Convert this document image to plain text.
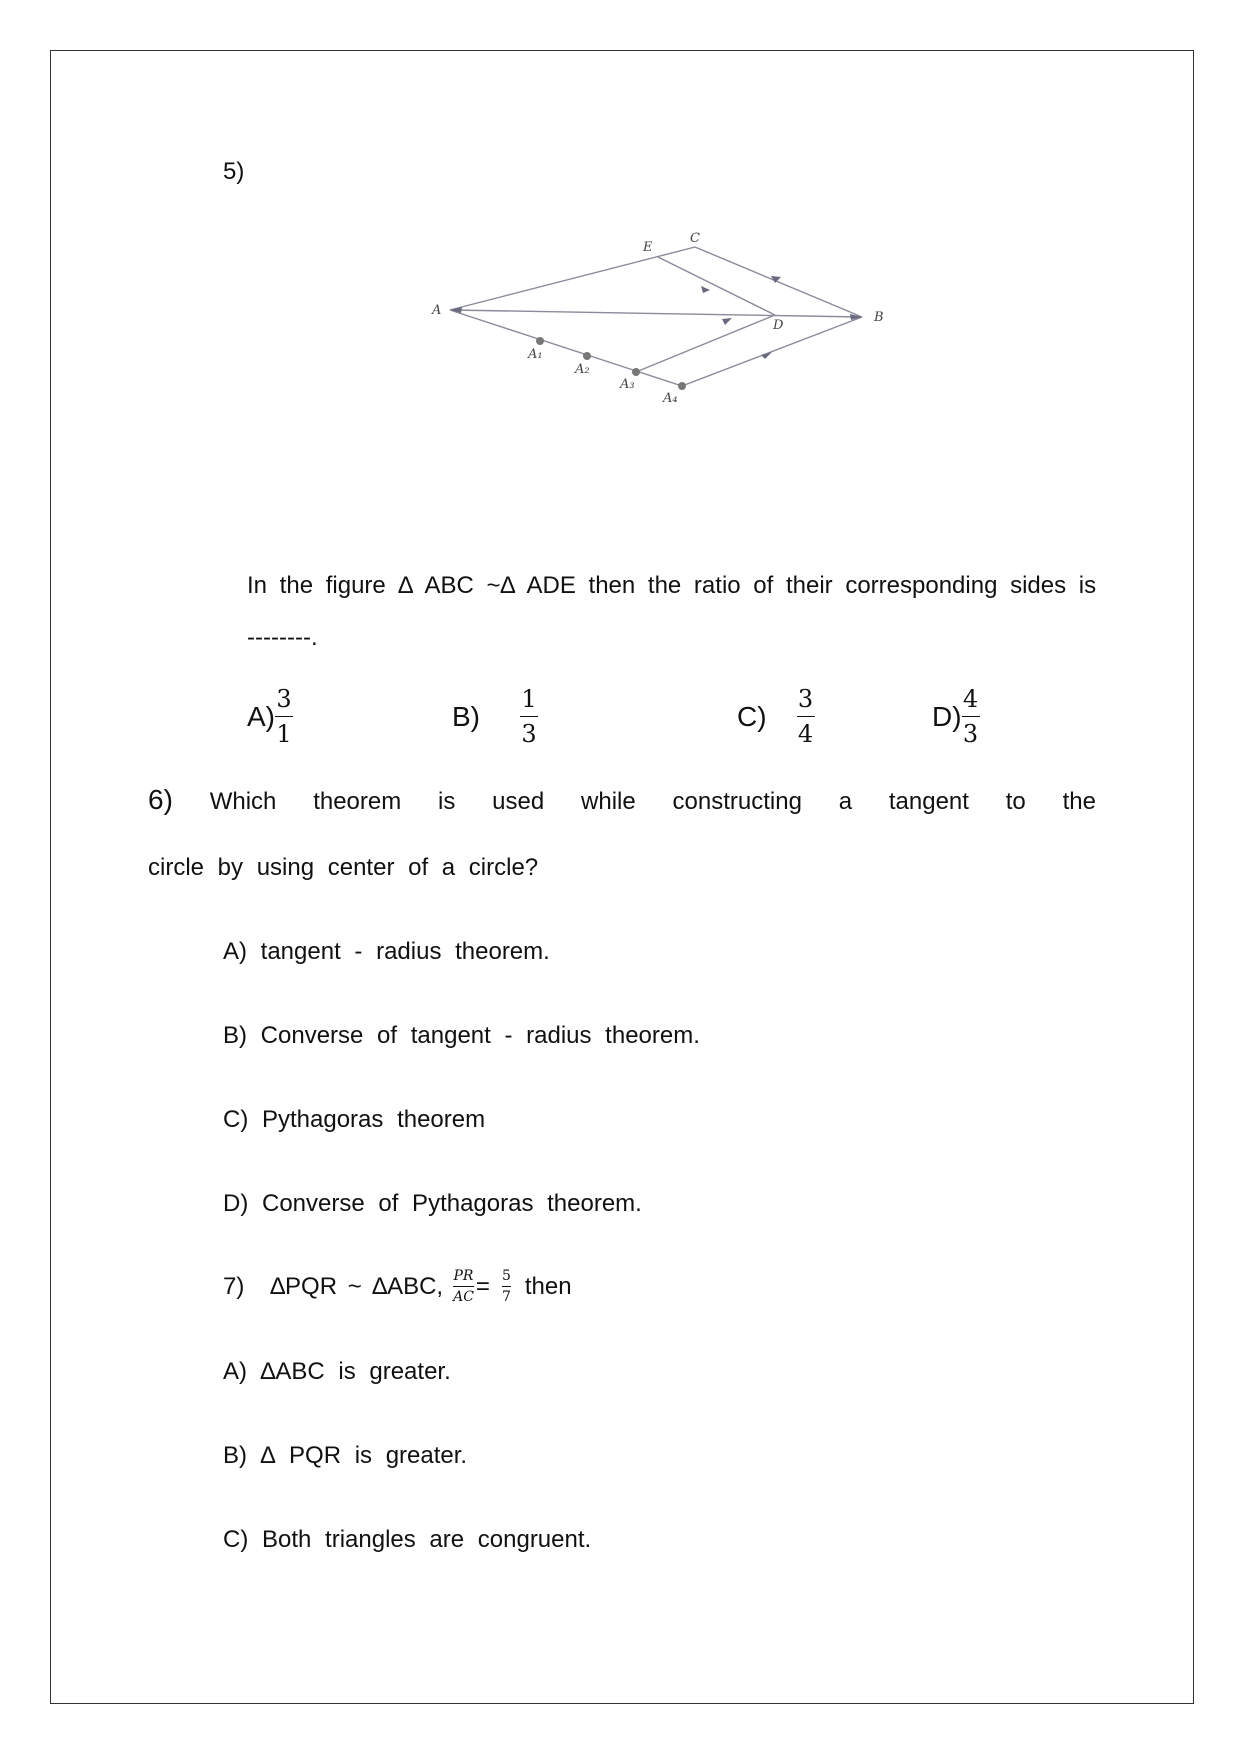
5)
A	B
C
D
E
A₁
A₂
A₃
A₄
In the figure ∆ ABC ~∆ ADE then the ratio of their corresponding sides is
--------.
$A) \frac{3}{1}$	$B) \frac{1}{3}$	$C) \frac{3}{4}$	$D) \frac{4}{3}$
6) Which theorem is used while constructing a tangent to the
circle by using center of a circle?
A) tangent - radius theorem.
B) Converse of tangent - radius theorem.
C) Pythagoras theorem
D) Converse of Pythagoras theorem.
7) ∆PQR ~ ∆ABC, $\frac{PR}{AC} = \frac{5}{7}$ then
A) ∆ABC is greater.
B) ∆ PQR is greater.
C) Both triangles are congruent.
